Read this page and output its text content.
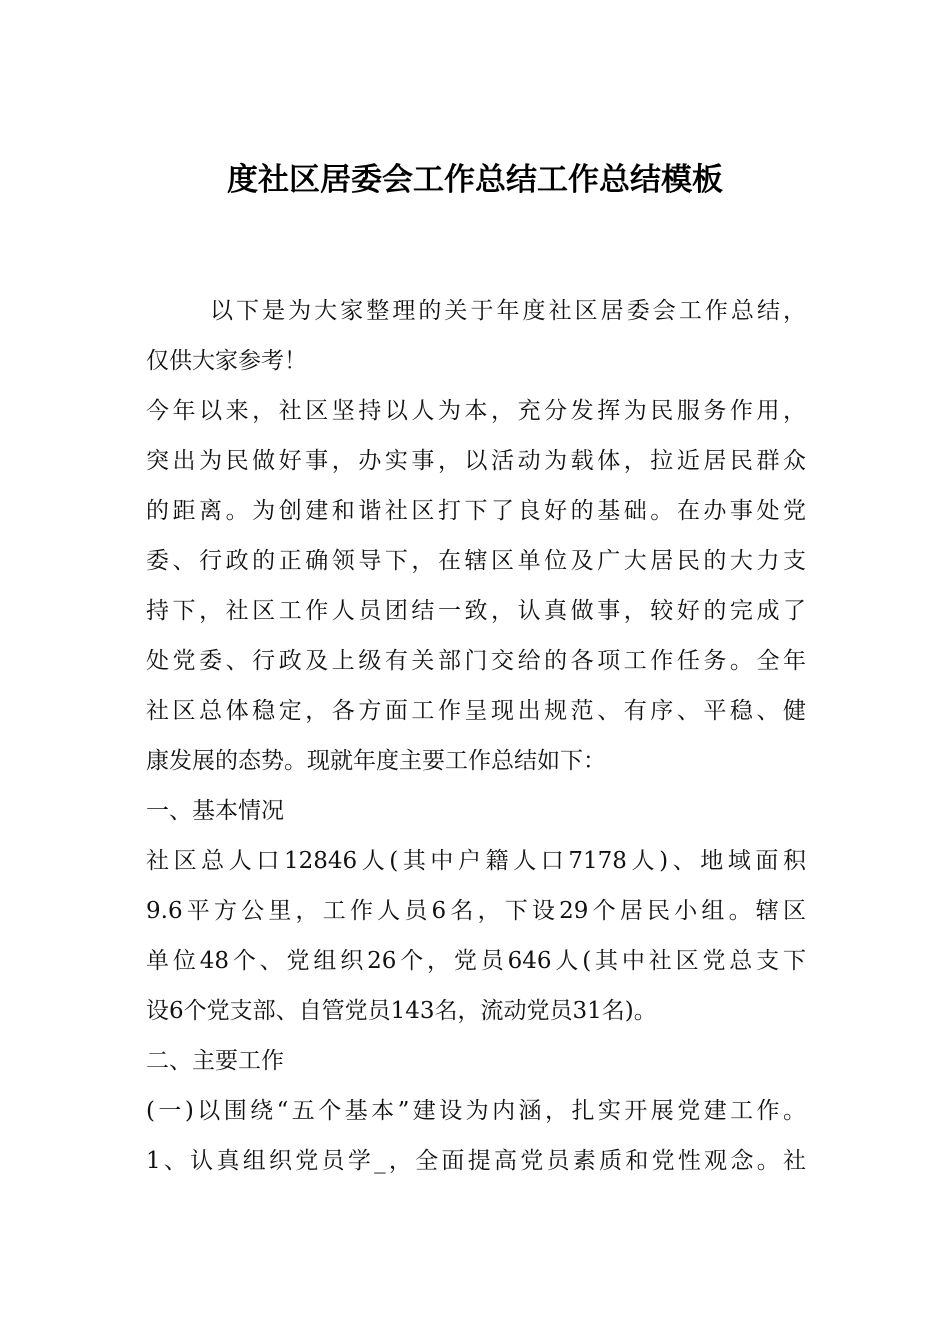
度社区居委会工作总结工作总结模板
以下是为大家整理的关于年度社区居委会工作总结，
仅供大家参考！
今年以来，社区坚持以人为本，充分发挥为民服务作用，
突出为民做好事，办实事，以活动为载体，拉近居民群众
的距离。为创建和谐社区打下了良好的基础。在办事处党
委、行政的正确领导下，在辖区单位及广大居民的大力支
持下，社区工作人员团结一致，认真做事，较好的完成了
处党委、行政及上级有关部门交给的各项工作任务。全年
社区总体稳定，各方面工作呈现出规范、有序、平稳、健
康发展的态势。现就年度主要工作总结如下：
一、基本情况
社区总人口12846人(其中户籍人口7178人)、地域面积
9.6平方公里，工作人员6名，下设29个居民小组。辖区
单位48个、党组织26个，党员646人(其中社区党总支下
设6个党支部、自管党员143名，流动党员31名)。
二、主要工作
(一)以围绕“五个基本”建设为内涵，扎实开展党建工作。
1、认真组织党员学_，全面提高党员素质和党性观念。社
